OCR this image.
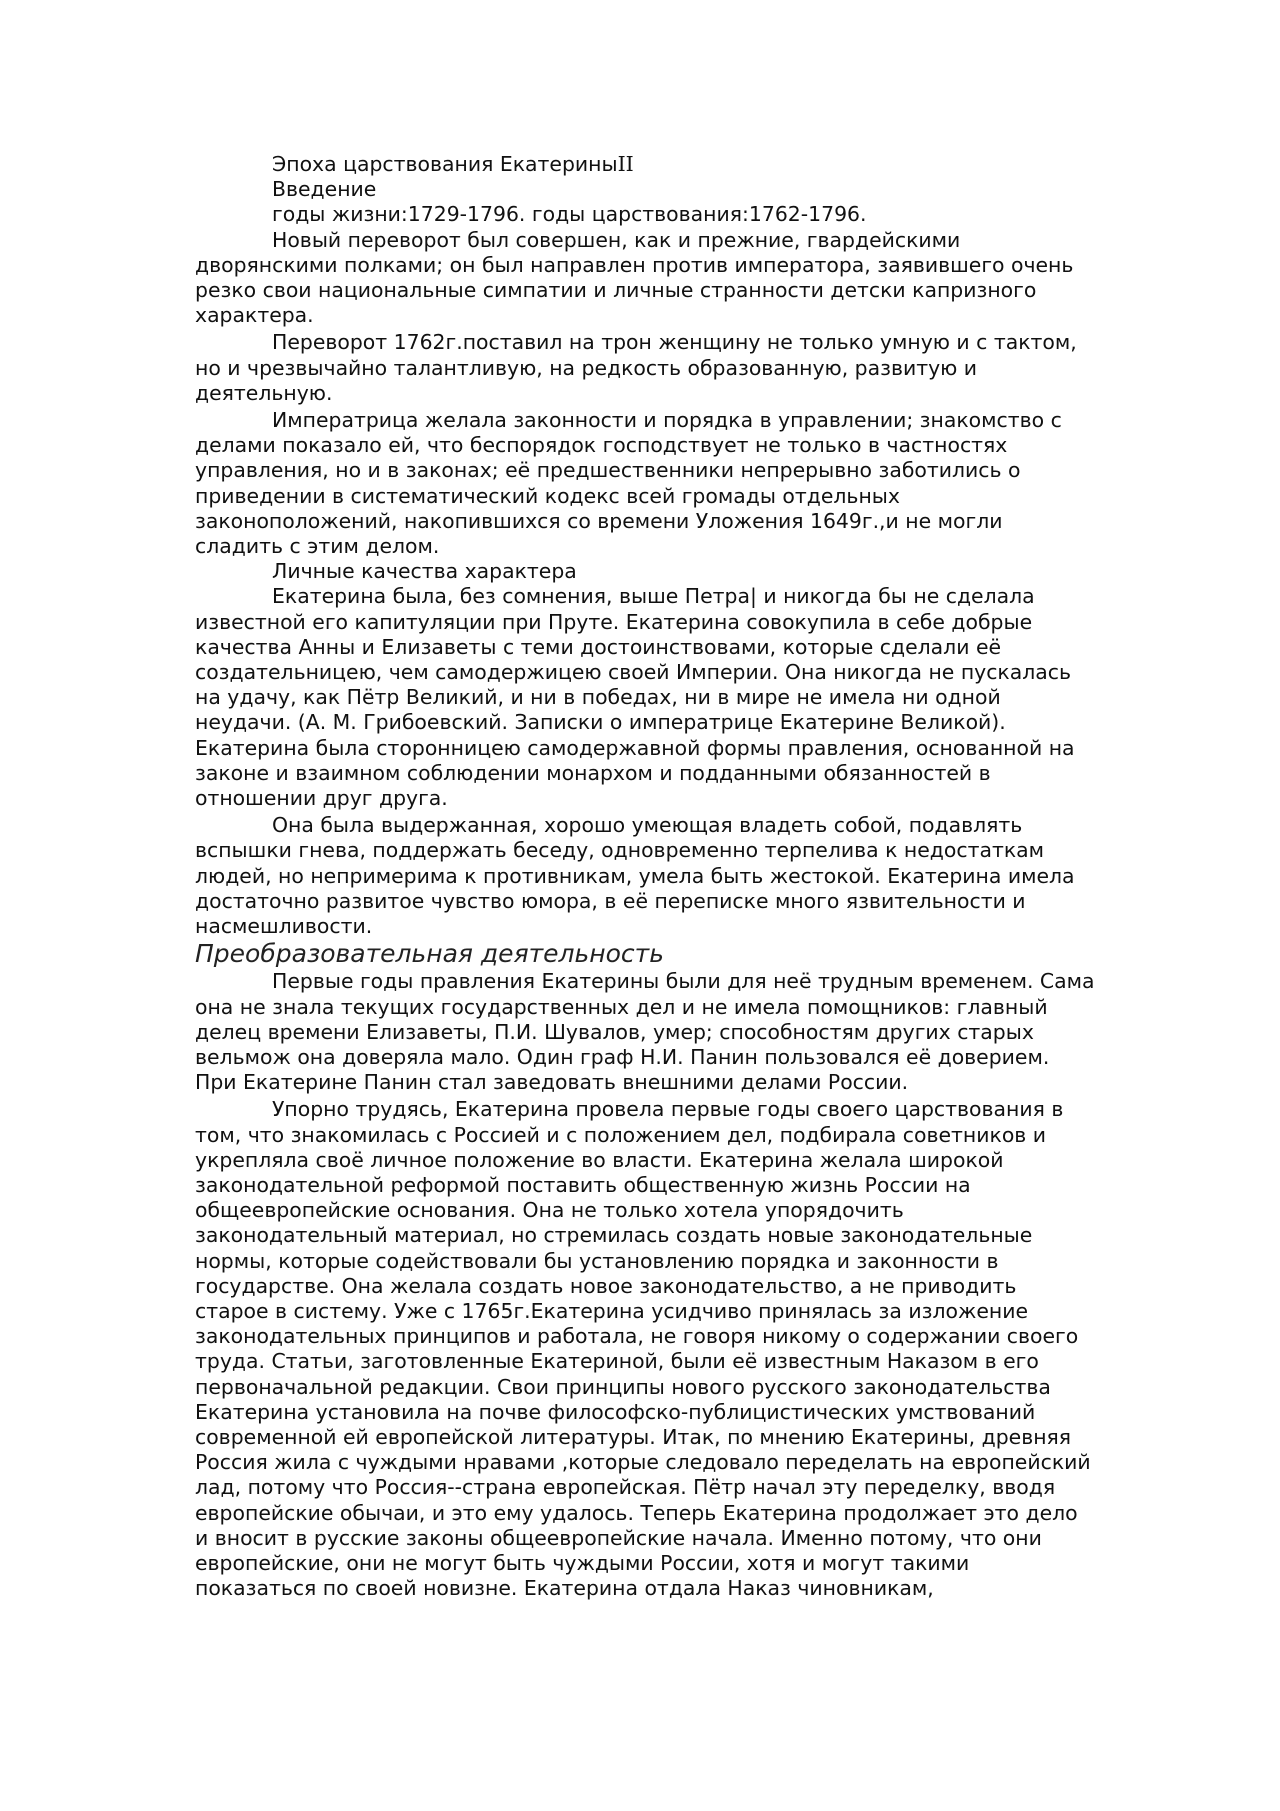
Эпоха царствования ЕкатериныII

Введение

годы жизни:1729-1796. годы царствования:1762-1796.

Новый переворот был совершен, как и прежние, гвардейскими дворянскими полками; он был направлен против императора, заявившего очень резко свои национальные симпатии и личные странности детски капризного характера.

Переворот 1762г.поставил на трон женщину не только умную и с тактом, но и чрезвычайно талантливую, на редкость образованную, развитую и деятельную.

Императрица желала законности и порядка в управлении; знакомство с делами показало ей, что беспорядок господствует не только в частностях управления, но и в законах; её предшественники непрерывно заботились о приведении в систематический кодекс всей громады отдельных законоположений, накопившихся со времени Уложения 1649г.,и не могли сладить с этим делом.

Личные качества характера

Екатерина была, без сомнения, выше Петра| и никогда бы не сделала известной его капитуляции при Пруте. Екатерина совокупила в себе добрые качества Анны и Елизаветы с теми достоинствовами, которые сделали её создательницею, чем самодержицею своей Империи. Она никогда не пускалась на удачу, как Пётр Великий, и ни в победах, ни в мире не имела ни одной неудачи. (А. М. Грибоевский. Записки о императрице Екатерине Великой). Екатерина была сторонницею самодержавной формы правления, основанной на законе и взаимном соблюдении монархом и подданными обязанностей в отношении друг друга.

Она была выдержанная, хорошо умеющая владеть собой, подавлять вспышки гнева, поддержать беседу, одновременно терпелива к недостаткам людей, но непримерима к противникам, умела быть жестокой. Екатерина имела достаточно развитое чувство юмора, в её переписке много язвительности и насмешливости.

Преобразовательная деятельность

Первые годы правления Екатерины были для неё трудным временем. Сама она не знала текущих государственных дел и не имела помощников: главный делец времени Елизаветы, П.И. Шувалов, умер; способностям других старых вельмож она доверяла мало. Один граф Н.И. Панин пользовался её доверием. При Екатерине Панин стал заведовать внешними делами России.

Упорно трудясь, Екатерина провела первые годы своего царствования в том, что знакомилась с Россией и с положением дел, подбирала советников и укрепляла своё личное положение во власти. Екатерина желала широкой законодательной реформой поставить общественную жизнь России на общеевропейские основания. Она не только хотела упорядочить законодательный материал, но стремилась создать новые законодательные нормы, которые содействовали бы установлению порядка и законности в государстве. Она желала создать новое законодательство, а не приводить старое в систему. Уже с 1765г.Екатерина усидчиво принялась за изложение законодательных принципов и работала, не говоря никому о содержании своего труда. Статьи, заготовленные Екатериной, были её известным Наказом в его первоначальной редакции. Свои принципы нового русского законодательства Екатерина установила на почве философско-публицистических умствований современной ей европейской литературы. Итак, по мнению Екатерины, древняя Россия жила с чуждыми нравами ,которые следовало переделать на европейский лад, потому что Россия--страна европейская. Пётр начал эту переделку, вводя европейские обычаи, и это ему удалось. Теперь Екатерина продолжает это дело и вносит в русские законы общеевропейские начала. Именно потому, что они европейские, они не могут быть чуждыми России, хотя и могут такими показаться по своей новизне. Екатерина отдала Наказ чиновникам,
